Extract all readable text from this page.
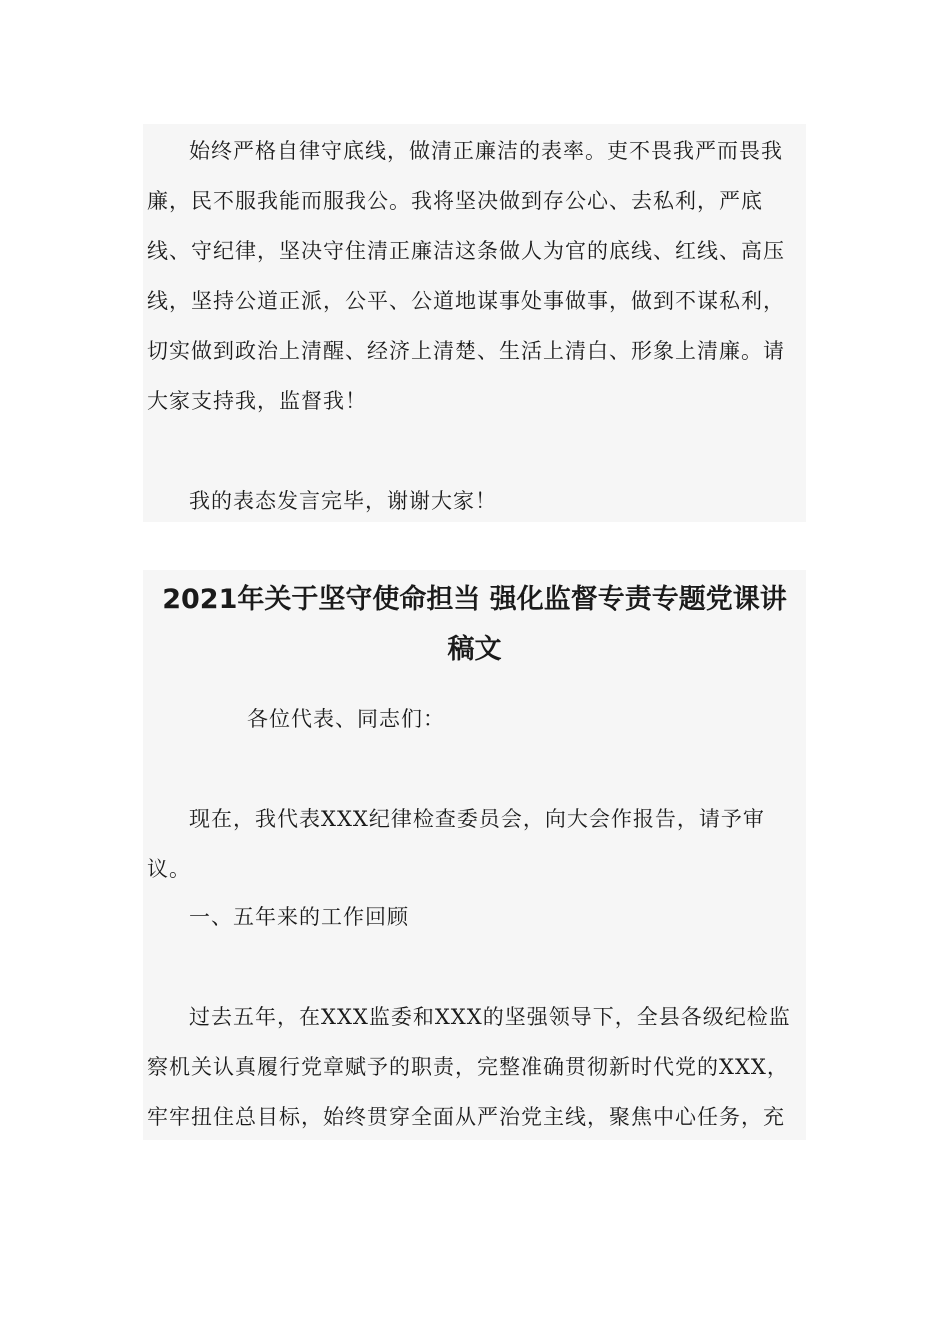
始终严格自律守底线，做清正廉洁的表率。吏不畏我严而畏我廉，民不服我能而服我公。我将坚决做到存公心、去私利，严底线、守纪律，坚决守住清正廉洁这条做人为官的底线、红线、高压线，坚持公道正派，公平、公道地谋事处事做事，做到不谋私利，切实做到政治上清醒、经济上清楚、生活上清白、形象上清廉。请大家支持我，监督我！

我的表态发言完毕，谢谢大家！

2021年关于坚守使命担当 强化监督专责专题党课讲

稿文

各位代表、同志们：

现在，我代表XXX纪律检查委员会，向大会作报告，请予审议。

一、五年来的工作回顾

过去五年，在XXX监委和XXX的坚强领导下，全县各级纪检监察机关认真履行党章赋予的职责，完整准确贯彻新时代党的XXX，牢牢扭住总目标，始终贯穿全面从严治党主线，聚焦中心任务，充
